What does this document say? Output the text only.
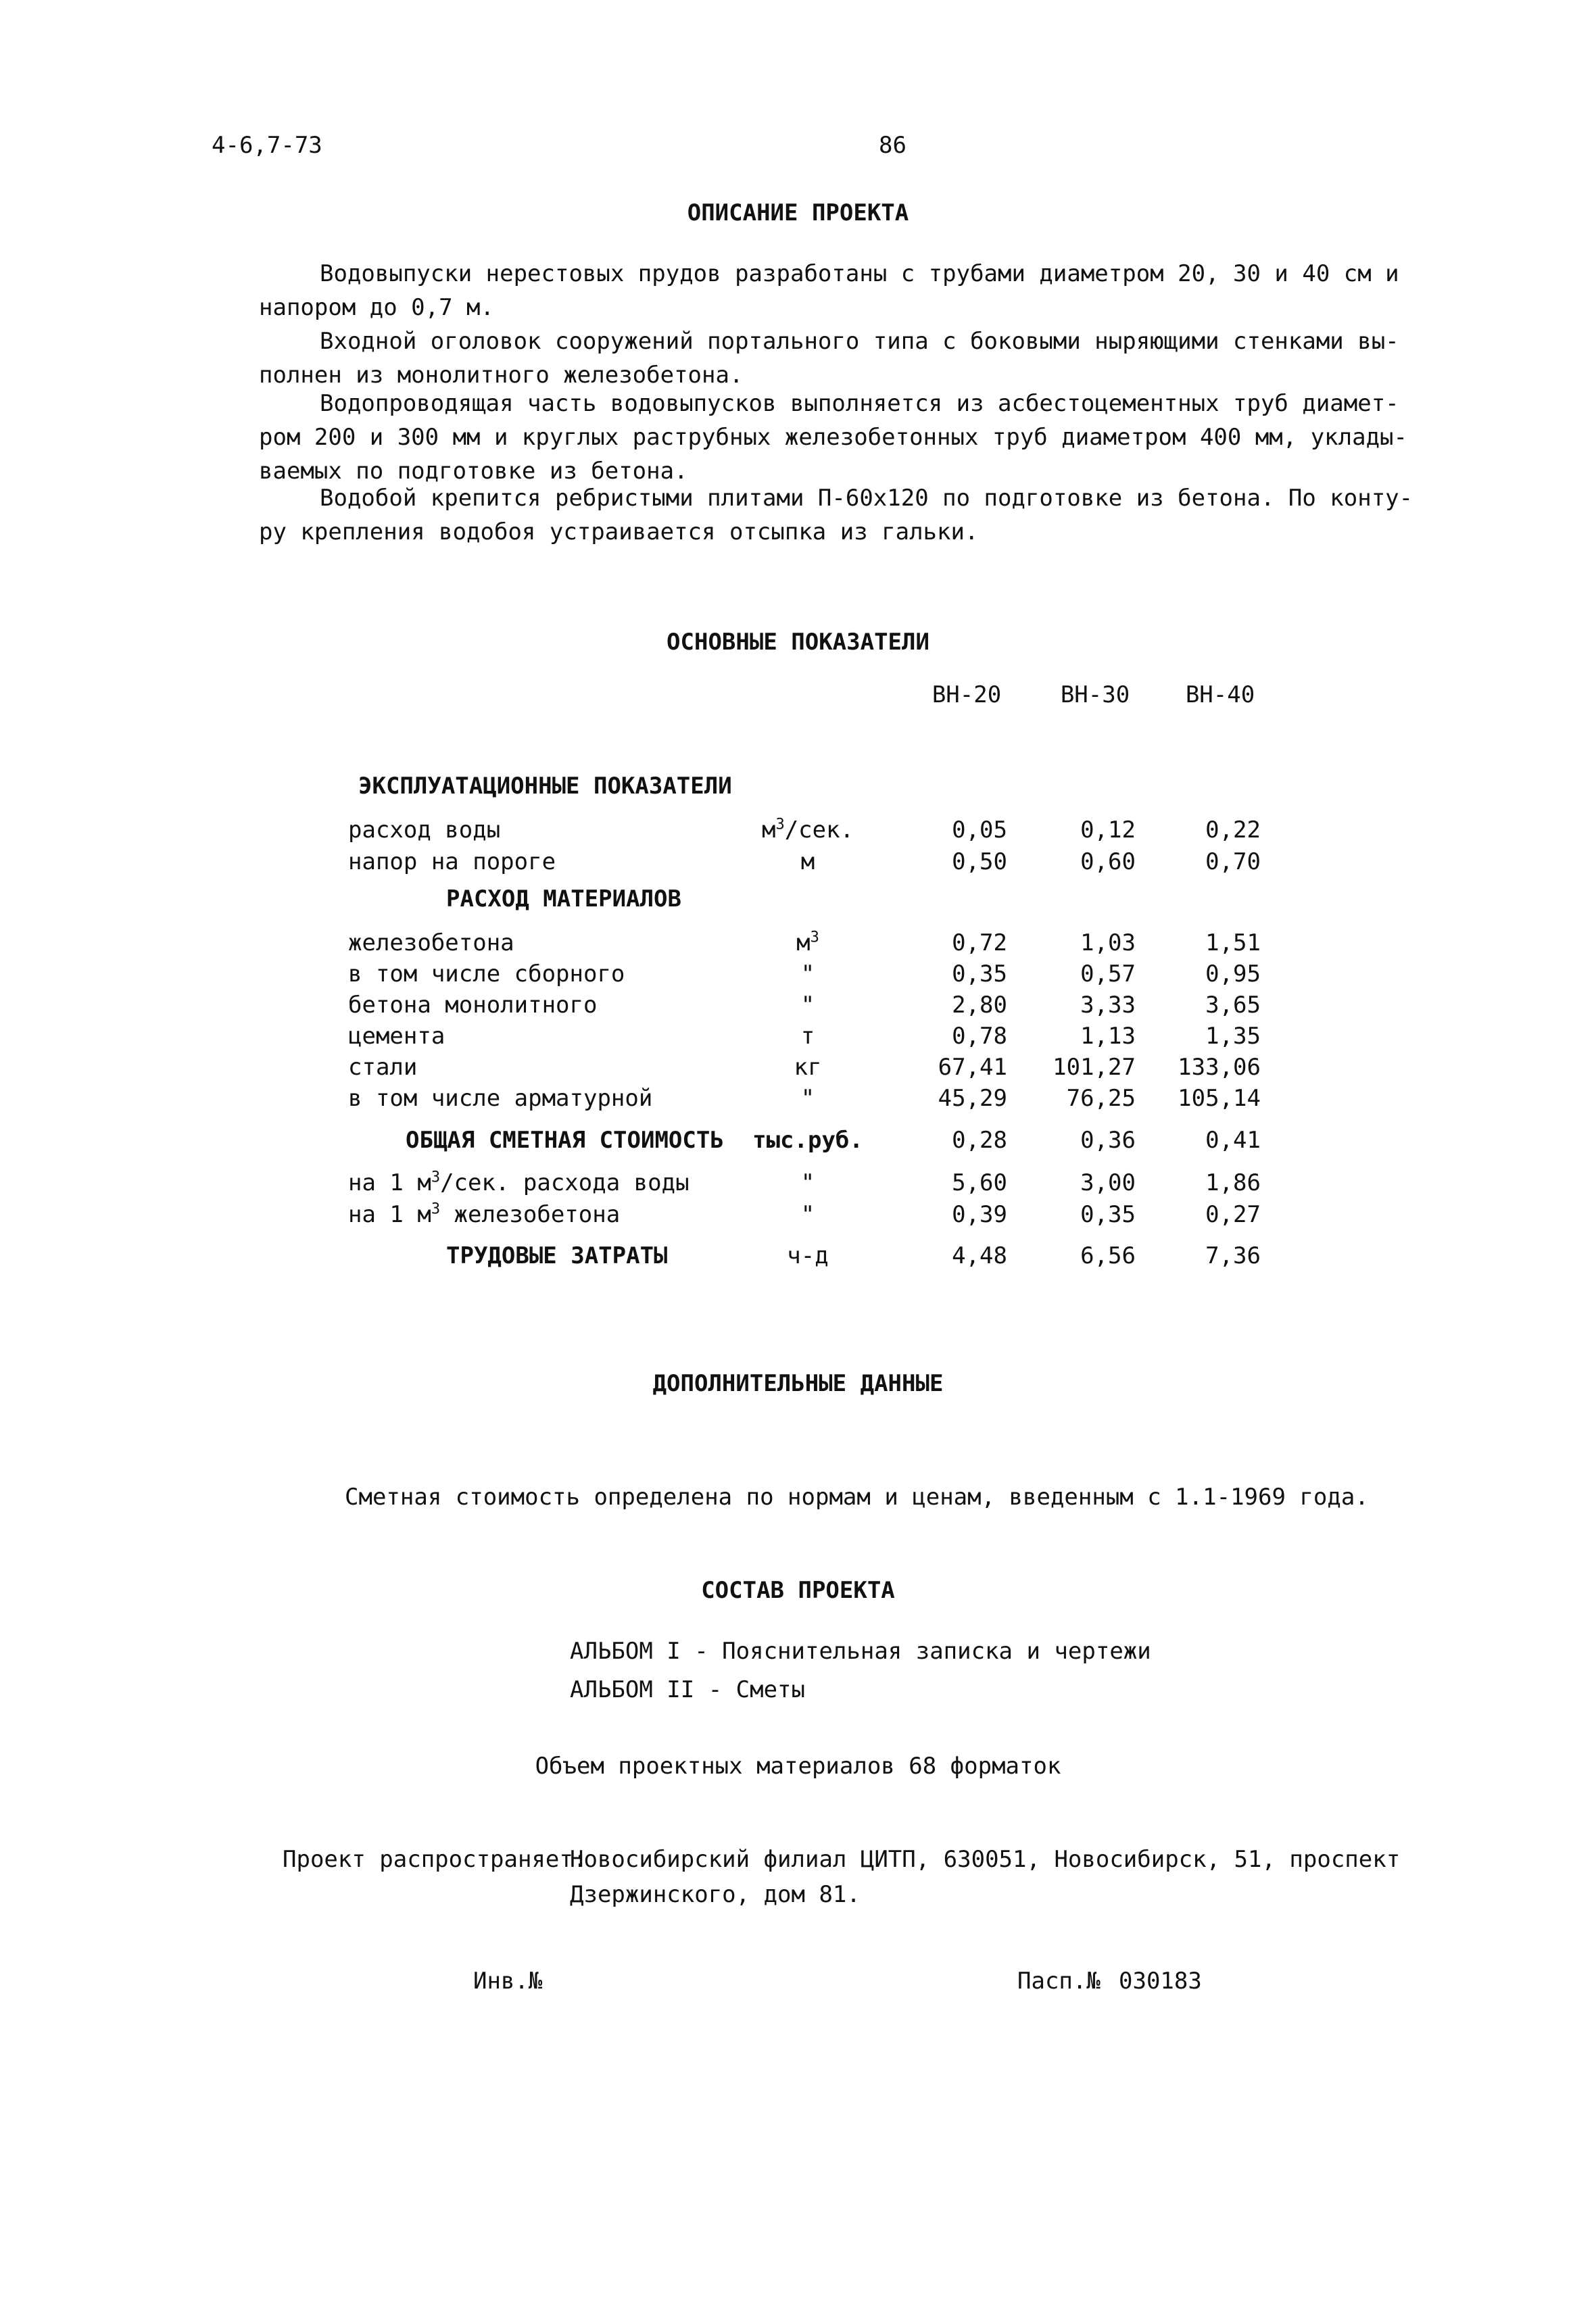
4-6,7-73	86
ОПИСАНИЕ ПРОЕКТА
Водовыпуски нерестовых прудов разработаны с трубами диаметром 20, 30 и 40 см и
напором до 0,7 м.
Входной оголовок сооружений портального типа с боковыми ныряющими стенками вы-
полнен из монолитного железобетона.
Водопроводящая часть водовыпусков выполняется из асбестоцементных труб диамет-
ром 200 и 300 мм и круглых раструбных железобетонных труб диаметром 400 мм, уклады-
ваемых по подготовке из бетона.
Водобой крепится ребристыми плитами П-60х120 по подготовке из бетона. По конту-
ру крепления водобоя устраивается отсыпка из гальки.
ОСНОВНЫЕ ПОКАЗАТЕЛИ
ВН-20	ВН-30	ВН-40
ЭКСПЛУАТАЦИОННЫЕ ПОКАЗАТЕЛИ
расход воды	$м^3$/сек.	0,05	0,12	0,22
напор на пороге	м	0,50	0,60	0,70
РАСХОД МАТЕРИАЛОВ
железобетона	$м^3$	0,72	1,03	1,51
в том числе сборного	"	0,35	0,57	0,95
бетона монолитного	"	2,80	3,33	3,65
цемента	т	0,78	1,13	1,35
стали	кг	67,41	101,27	133,06
в том числе арматурной	"	45,29	76,25	105,14
ОБЩАЯ СМЕТНАЯ СТОИМОСТЬ	тыс.руб.	0,28	0,36	0,41
на 1 $м^3$/сек. расхода воды	"	5,60	3,00	1,86
на 1 $м^3$ железобетона	"	0,39	0,35	0,27
ТРУДОВЫЕ ЗАТРАТЫ	ч-д	4,48	6,56	7,36
ДОПОЛНИТЕЛЬНЫЕ ДАННЫЕ
Сметная стоимость определена по нормам и ценам, введенным с 1.1-1969 года.
СОСТАВ ПРОЕКТА
АЛЬБОМ I - Пояснительная записка и чертежи
АЛЬБОМ II - Сметы
Объем проектных материалов 68 форматок
Проект распространяет:
Новосибирский филиал ЦИТП, 630051, Новосибирск, 51, проспект
Дзержинского, дом 81.
Инв.№	Пасп.№ 030183
